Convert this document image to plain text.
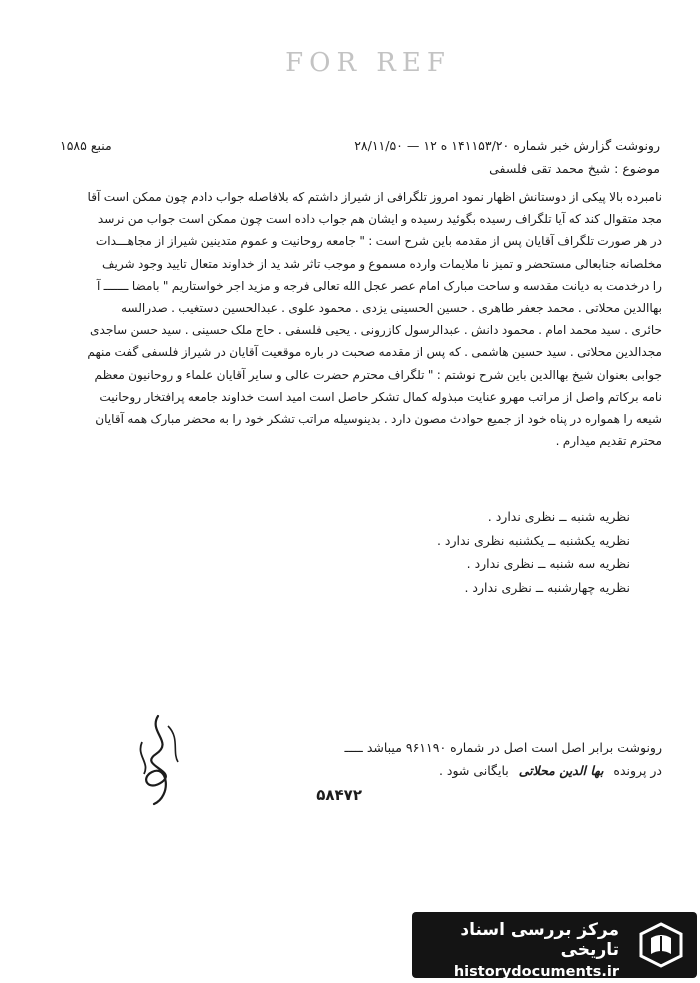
FOR REF
رونوشت گزارش خبر شماره ۱۴۱۱۵۳/۲۰ ه ۱۲ — ۲۸/۱۱/۵۰
منبع ۱۵۸۵
موضوع : شیخ محمد تقی فلسفی

نامبرده بالا پیکی از دوستانش اظهار نمود امروز تلگرافی از شیراز داشتم که بلافاصله جواب دادم چون ممکن است آقا

مجد متقوال کند که آیا تلگراف رسیده بگوئید رسیده و ایشان هم جواب داده است چون ممکن است جواب من نرسد

در هر صورت تلگراف آقایان پس از مقدمه باین شرح است : " جامعه روحانیت و عموم متدینین شیراز از مجاهـــدات

مخلصانه جنابعالی مستحضر و تمیز نا ملایمات وارده مسموع و موجب تاثر شد ید از خداوند متعال تایید وجود شریف

را درخدمت به دیانت مقدسه و ساحت مبارک امام عصر عجل الله تعالی فرجه و مزید اجر خواستاریم " بامضا ـــــــ آ

بهاالدین محلاتی . محمد جعفر طاهری . حسین الحسینی یزدی . محمود علوی . عبدالحسین دستغیب . صدرالسه

حائری . سید محمد امام . محمود دانش . عبدالرسول کازرونی . یحیی فلسفی . حاج ملک حسینی . سید حسن ساجدی

مجدالدین محلاتی . سید حسین هاشمی . که پس از مقدمه صحبت در باره موقعیت آقایان در شیراز فلسفی گفت منهم

جوابی بعنوان شیخ بهاالدین باین شرح نوشتم : " تلگراف محترم حضرت عالی و سایر آقایان علماء و روحانیون معظم

نامه برکاتم واصل از مراتب مهرو عنایت مبذوله کمال تشکر حاصل است امید است خداوند جامعه پرافتخار روحانیت

شیعه را همواره در پناه خود از جمیع حوادث مصون دارد . بدینوسیله مراتب تشکر خود را به محضر مبارک همه آقایان

محترم تقدیم میدارم .

نظریه شنبه ــ نظری ندارد .
نظریه یکشنبه ــ یکشنبه نظری ندارد .
نظریه سه شنبه ــ نظری ندارد .
نظریه چهارشنبه ــ نظری ندارد .
رونوشت برابر اصل است اصل در شماره ۹۶۱۱۹۰ میباشد ـــــ
در پرونده بها الدین محلاتی بایگانی شود .
۵۸۴۷۲
مرکز بررسی اسناد تاریخی
historydocuments.ir
